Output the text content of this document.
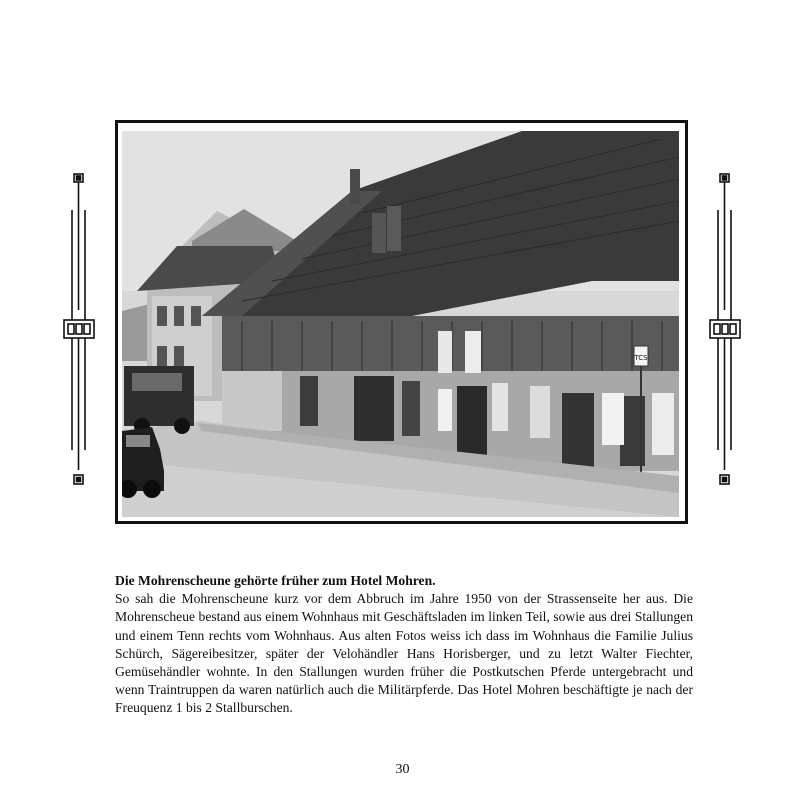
TCS
Die Mohrenscheune gehörte früher zum Hotel Mohren.
So sah die Mohrenscheune kurz vor dem Abbruch im Jahre 1950 von der Strassenseite her aus. Die Mohrenscheue bestand aus einem Wohnhaus mit Geschäftsladen im linken Teil, sowie aus drei Stallungen und einem Tenn rechts vom Wohnhaus. Aus alten Fotos weiss ich dass im Wohnhaus die Familie Julius Schürch, Sägereibesitzer, später der Velohändler Hans Horisberger, und zu letzt Walter Fiechter, Gemüsehändler wohnte. In den Stallungen wurden früher die Postkutschen Pferde untergebracht und wenn Traintruppen da waren natürlich auch die Militärpferde. Das Hotel Mohren beschäftigte je nach der Freuquenz 1 bis 2 Stallburschen.
30
